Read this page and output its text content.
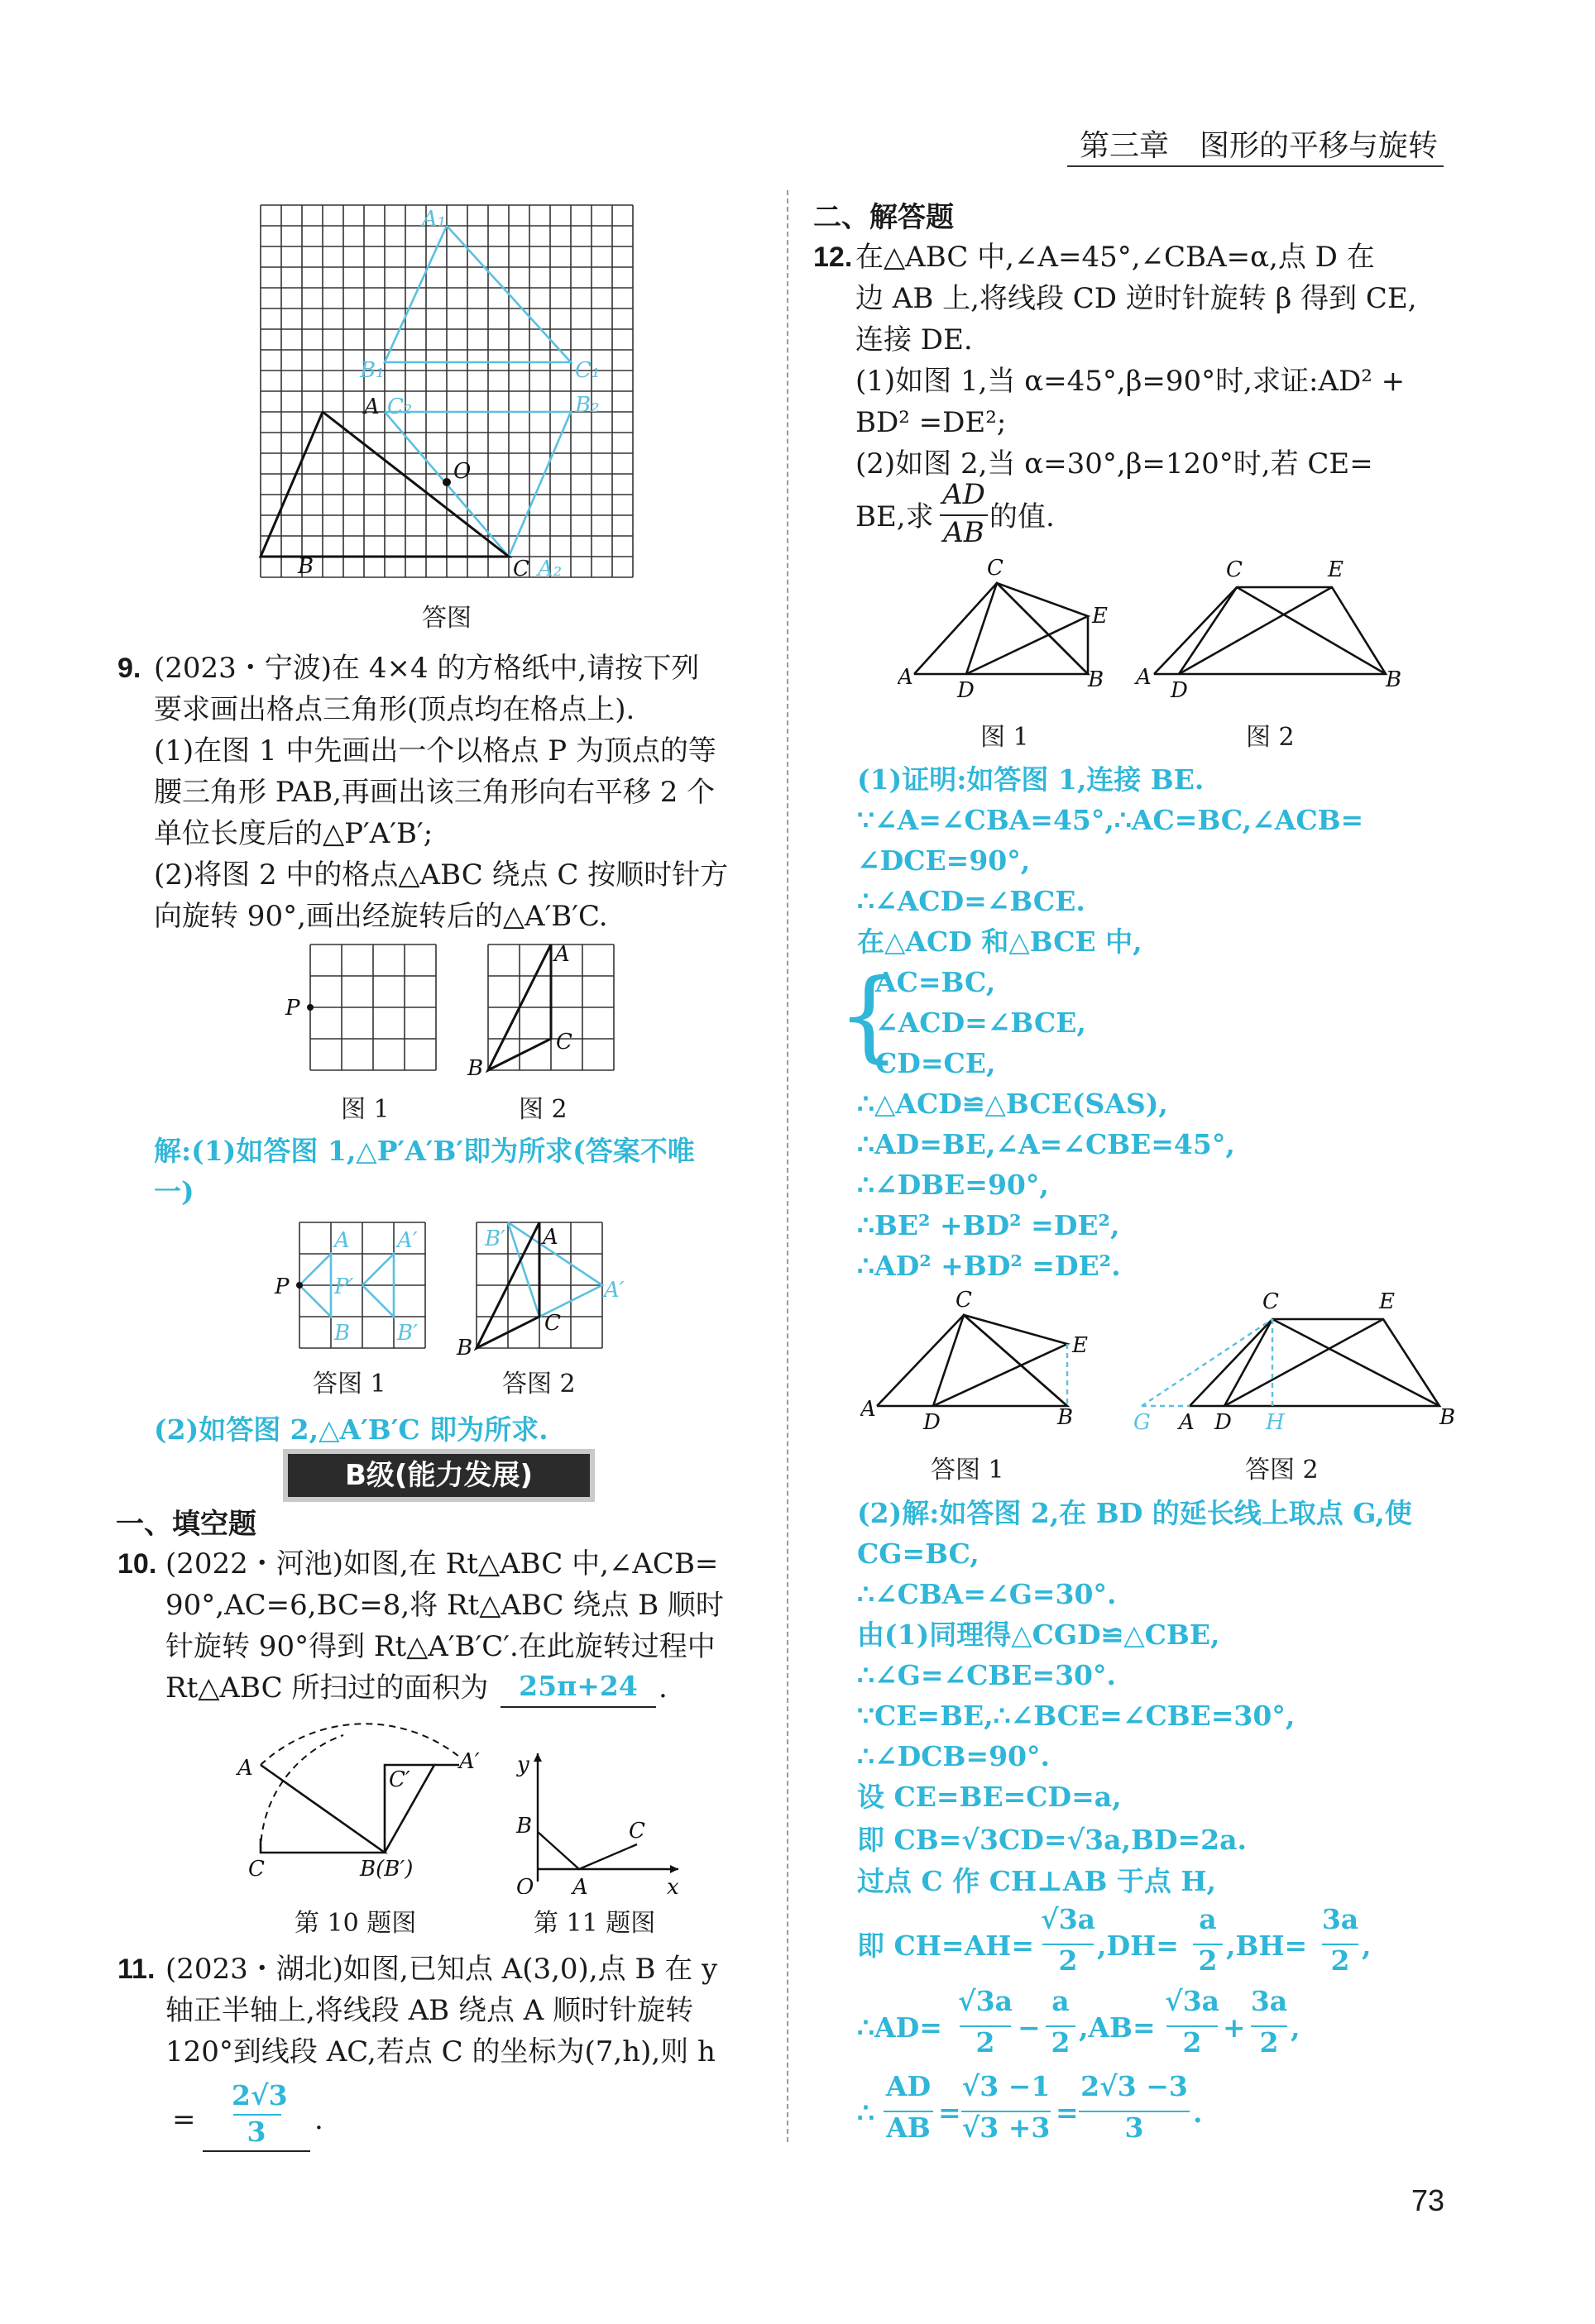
第三章 图形的平移与旋转
A₁
B₁	C₁
A C₂	B₂
O
B	C A₂
答图
9. (2023・宁波)在 4×4 的方格纸中,请按下列
要求画出格点三角形(顶点均在格点上).
(1)在图 1 中先画出一个以格点 P 为顶点的等
腰三角形 PAB,再画出该三角形向右平移 2 个
单位长度后的△P′A′B′;
(2)将图 2 中的格点△ABC 绕点 C 按顺时针方
向旋转 90°,画出经旋转后的△A′B′C.
P
A
B
C
图 1	图 2
解:(1)如答图 1,△P′A′B′即为所求(答案不唯
一)
P
A A′
P′
B B′
B′ A
C
A′
B
答图 1	答图 2
(2)如答图 2,△A′B′C 即为所求.
B级(能力发展)
一、填空题
10. (2022・河池)如图,在 Rt△ABC 中,∠ACB=
90°,AC=6,BC=8,将 Rt△ABC 绕点 B 顺时
针旋转 90°得到 Rt△A′B′C′.在此旋转过程中
Rt△ABC 所扫过的面积为	25π+24 .
A
C	B(B′)
C′
A′
第 10 题图
y
x
B	C
O A
第 11 题图
11. (2023・湖北)如图,已知点 A(3,0),点 B 在 y
轴正半轴上,将线段 AB 绕点 A 顺时针旋转
120°到线段 AC,若点 C 的坐标为(7,h),则 h
=
2√3
3	.
二、解答题
12. 在△ABC 中,∠A=45°,∠CBA=α,点 D 在
边 AB 上,将线段 CD 逆时针旋转 β 得到 CE,
连接 DE.
(1)如图 1,当 α=45°,β=90°时,求证:AD² +
BD² =DE²;
(2)如图 2,当 α=30°,β=120°时,若 CE=
BE,求
AD
AB 的值.
C
E
A
D	B
C	E
A
D	B
图 1	图 2
(1)证明:如答图 1,连接 BE.
∵∠A=∠CBA=45°,∴AC=BC,∠ACB=
∠DCE=90°,
∴∠ACD=∠BCE.
在△ACD 和△BCE 中,
{
AC=BC,
∠ACD=∠BCE,
CD=CE,
∴△ACD≌△BCE(SAS),
∴AD=BE,∠A=∠CBE=45°,
∴∠DBE=90°,
∴BE² +BD² =DE²,
∴AD² +BD² =DE².
C
E
A
D	B
C	E
G A D H	B
答图 1	答图 2
(2)解:如答图 2,在 BD 的延长线上取点 G,使
CG=BC,
∴∠CBA=∠G=30°.
由(1)同理得△CGD≌△CBE,
∴∠G=∠CBE=30°.
∵CE=BE,∴∠BCE=∠CBE=30°,
∴∠DCB=90°.
设 CE=BE=CD=a,
即 CB=√3CD=√3a,BD=2a.
过点 C 作 CH⊥AB 于点 H,
即 CH=AH=
√3a
2 ,DH=
a
2 ,BH=
3a
2 ,
∴AD=
√3a
2 −
a
2 ,AB=
√3a
2 +
3a
2 ,
∴
AD
AB =
√3 −1
√3 +3 =
2√3 −3
3	.
73
